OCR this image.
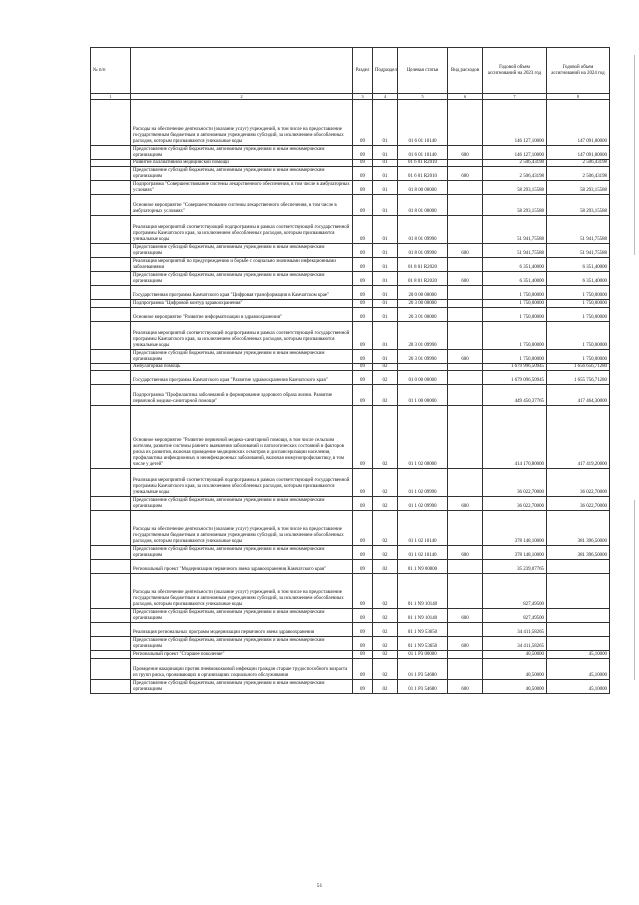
№ п/п		Раздел	Подраздел	Целевая статья	Вид расходов	Годовой объем ассигнований на 2023 год	Годовой объем ассигнований на 2024 год
1	2	3	4	5	6	7	8
	Расходы на обеспечение деятельности (оказание услуг) учреждений, в том числе на предоставление государственным бюджетным и автономным учреждениям субсидий, за исключением обособленных расходов, которым присваиваются уникальные коды	09	01	01 6 01 10140		146 127,10000	147 091,00000
	Предоставление субсидий бюджетным, автономным учреждениям и иным некоммерческим организациям	09	01	01 6 01 10140	600	146 127,10000	147 091,00000
	Развитие паллиативной медицинской помощи	09	01	01 6 01 R2010		2 506,43198	2 506,43198
	Предоставление субсидий бюджетным, автономным учреждениям и иным некоммерческим организациям	09	01	01 6 01 R2010	600	2 506,43198	2 506,43198
	Подпрограмма "Совершенствование системы лекарственного обеспечения, в том числе в амбулаторных условиях"	09	01	01 8 00 00000		58 293,15588	58 293,15588
	Основное мероприятие "Совершенствование системы лекарственного обеспечения, в том числе в амбулаторных условиях"	09	01	01 8 01 00000		58 293,15588	58 293,15588
	Реализация мероприятий соответствующей подпрограммы в рамках соответствующей государственной программы Камчатского края, за исключением обособленных расходов, которым присваиваются уникальные коды	09	01	01 8 01 09990		51 941,75588	51 941,75588
	Предоставление субсидий бюджетным, автономным учреждениям и иным некоммерческим организациям	09	01	01 8 01 09990	600	51 941,75588	51 941,75588
	Реализация мероприятий по предупреждению и борьбе с социально значимыми инфекционными заболеваниями	09	01	01 8 01 R2020		6 351,40000	6 351,40000
	Предоставление субсидий бюджетным, автономным учреждениям и иным некоммерческим организациям	09	01	01 8 01 R2020	600	6 351,40000	6 351,40000
	Государственная программа Камчатского края "Цифровая трансформация в Камчатском крае"	09	01	20 0 00 00000		1 750,00000	1 750,00000
	Подпрограмма "Цифровой контур здравоохранения"	09	01	20 3 00 00000		1 750,00000	1 750,00000
	Основное мероприятие "Развитие информатизации в здравоохранении"	09	01	20 3 01 00000		1 750,00000	1 750,00000
	Реализация мероприятий соответствующей подпрограммы в рамках соответствующей государственной программы Камчатского края, за исключением обособленных расходов, которым присваиваются уникальные коды	09	01	20 3 01 09990		1 750,00000	1 750,00000
	Предоставление субсидий бюджетным, автономным учреждениям и иным некоммерческим организациям	09	01	20 3 01 09990	600	1 750,00000	1 750,00000
	Амбулаторная помощь	09	02			1 679 996,50945	1 656 656,71280
	Государственная программа Камчатского края "Развитие здравоохранения Камчатского края"	09	02	01 0 00 00000		1 679 096,50945	1 655 756,71280
	Подпрограмма "Профилактика заболеваний и формирование здорового образа жизни. Развитие первичной медико-санитарной помощи"	09	02	01 1 00 00000		449 450,37765	417 464,30000
	Основное мероприятие "Развитие первичной медико-санитарной помощи, в том числе сельским жителям, развитие системы раннего выявления заболеваний и патологических состояний и факторов риска их развития, включая проведение медицинских осмотров и диспансеризации населения, профилактика инфекционных и неинфекционных заболеваний, включая иммунопрофилактику, в том числе у детей"	09	02	01 1 02 00000		414 170,80000	417 419,20000
	Реализация мероприятий соответствующей подпрограммы в рамках соответствующей государственной программы Камчатского края, за исключением обособленных расходов, которым присваиваются уникальные коды	09	02	01 1 02 09990		36 022,70000	36 022,70000
	Предоставление субсидий бюджетным, автономным учреждениям и иным некоммерческим организациям	09	02	01 1 02 09990	600	36 022,70000	36 022,70000
	Расходы на обеспечение деятельности (оказание услуг) учреждений, в том числе на предоставление государственным бюджетным и автономным учреждениям субсидий, за исключением обособленных расходов, которым присваиваются уникальные коды	09	02	01 1 02 10140		378 148,10000	381 396,50000
	Предоставление субсидий бюджетным, автономным учреждениям и иным некоммерческим организациям	09	02	01 1 02 10140	600	378 148,10000	381 396,50000
	Региональный проект "Модернизация первичного звена здравоохранения Камчатского края"	09	02	01 1 N9 00000		35 239,07765	
	Расходы на обеспечение деятельности (оказание услуг) учреждений, в том числе на предоставление государственным бюджетным и автономным учреждениям субсидий, за исключением обособленных расходов, которым присваиваются уникальные коды	09	02	01 1 N9 10140		827,49500	
	Предоставление субсидий бюджетным, автономным учреждениям и иным некоммерческим организациям	09	02	01 1 N9 10140	600	827,49500	
	Реализация региональных программ модернизации первичного звена здравоохранения	09	02	01 1 N9 53650		34 411,58265	
	Предоставление субсидий бюджетным, автономным учреждениям и иным некоммерческим организациям	09	02	01 1 N9 53650	600	34 411,58265	
	Региональный проект "Старшее поколение"	09	02	01 1 P3 00000		40,50000	45,10000
	Проведение вакцинации против пневмококковой инфекции граждан старше трудоспособного возраста из групп риска, проживающих в организациях социального обслуживания	09	02	01 1 P3 54680		40,50000	45,10000
	Предоставление субсидий бюджетным, автономным учреждениям и иным некоммерческим организациям	09	02	01 1 P3 54680	600	40,50000	45,10000
51
